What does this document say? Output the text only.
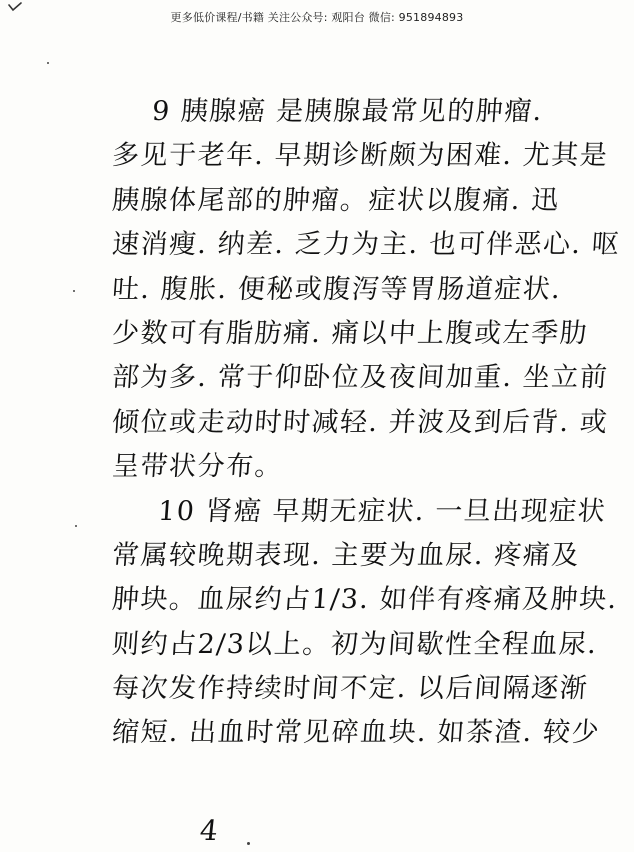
更多低价课程/书籍 关注公众号: 观阳台 微信: 951894893
9 胰腺癌 是胰腺最常见的肿瘤.
多见于老年. 早期诊断颇为困难. 尤其是
胰腺体尾部的肿瘤。症状以腹痛. 迅
速消瘦. 纳差. 乏力为主. 也可伴恶心. 呕
吐. 腹胀. 便秘或腹泻等胃肠道症状.
少数可有脂肪痛. 痛以中上腹或左季肋
部为多. 常于仰卧位及夜间加重. 坐立前
倾位或走动时时减轻. 并波及到后背. 或
呈带状分布。
10 肾癌 早期无症状. 一旦出现症状
常属较晚期表现. 主要为血尿. 疼痛及
肿块。血尿约占1/3. 如伴有疼痛及肿块.
则约占2/3以上。初为间歇性全程血尿.
每次发作持续时间不定. 以后间隔逐渐
缩短. 出血时常见碎血块. 如茶渣. 较少
4
